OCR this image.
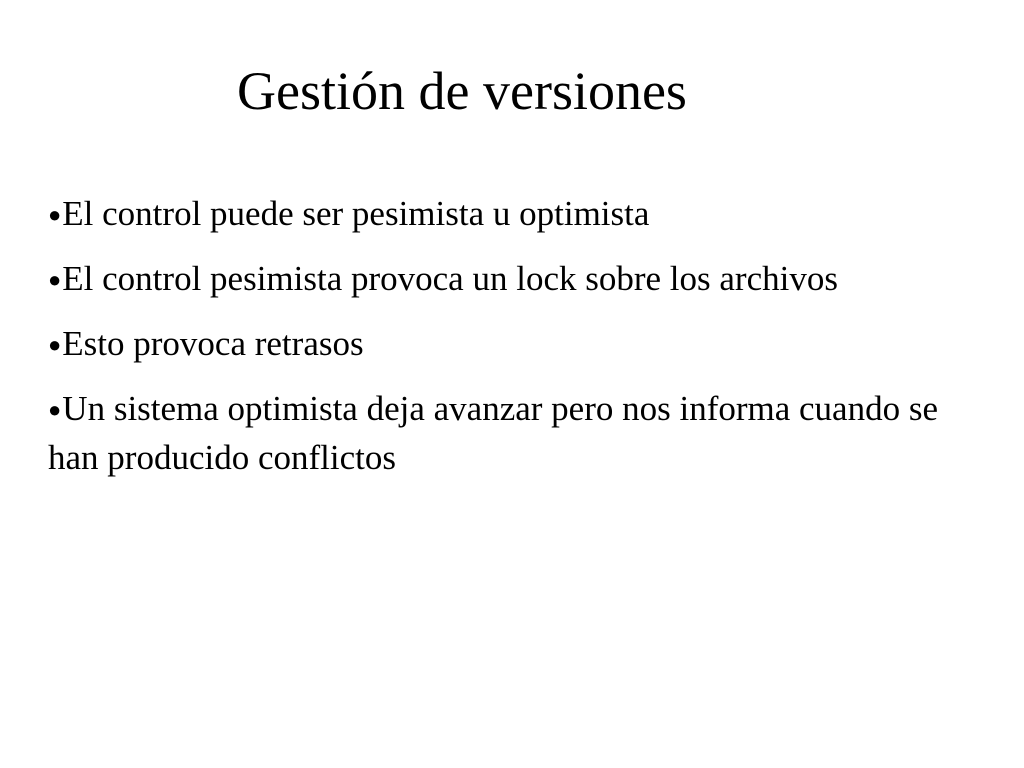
Gestión de versiones
●El control puede ser pesimista u optimista
●El control pesimista provoca un lock sobre los archivos
●Esto provoca retrasos
●Un sistema optimista deja avanzar pero nos informa cuando se han producido conflictos
